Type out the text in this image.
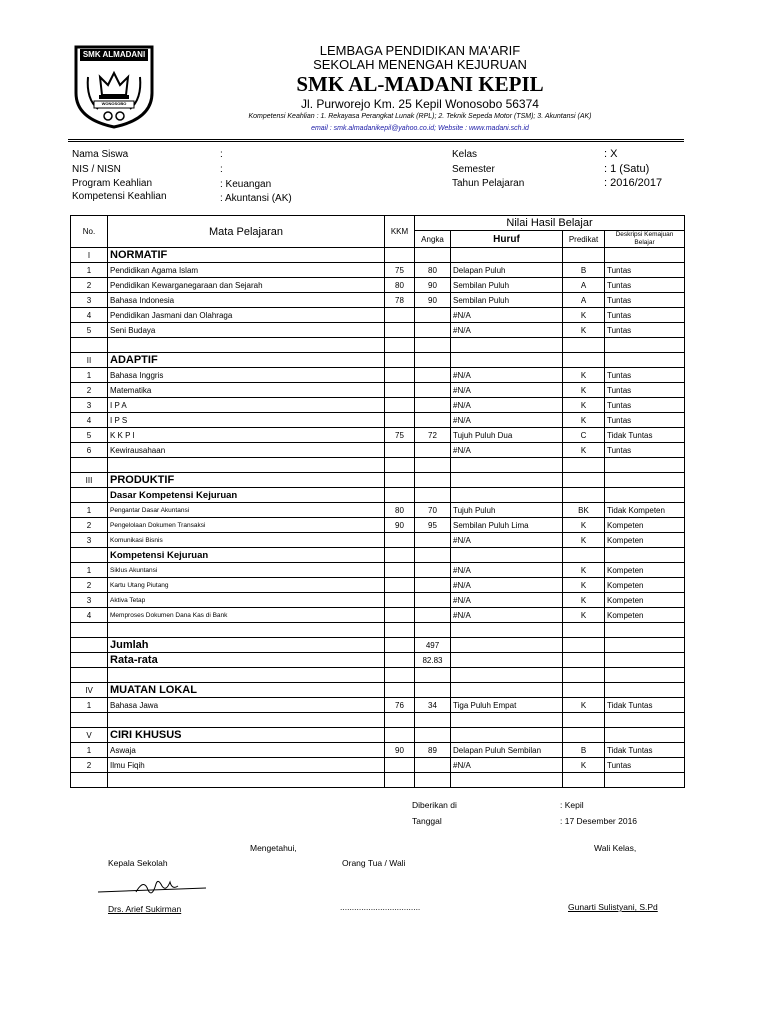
SMK ALMADANI
WONOSOBO
LEMBAGA PENDIDIKAN MA'ARIF
SEKOLAH MENENGAH KEJURUAN
SMK AL-MADANI KEPIL
Jl. Purworejo Km. 25 Kepil Wonosobo 56374
Kompetensi Keahlian : 1. Rekayasa Perangkat Lunak (RPL); 2. Teknik Sepeda Motor (TSM); 3. Akuntansi (AK)
email : smk.almadanikepil@yahoo.co.id; Website : www.madani.sch.id
Nama Siswa	:
NIS / NISN	:
Program Keahlian	: Keuangan
Kompetensi Keahlian	: Akuntansi (AK)
Kelas	: X
Semester	: 1 (Satu)
Tahun Pelajaran	: 2016/2017
No.	Mata Pelajaran	KKM	Nilai Hasil Belajar			
			Angka	Huruf	Predikat	Deskripsi Kemajuan Belajar
I	NORMATIF					
1	Pendidikan Agama Islam	75	80	Delapan Puluh	B	Tuntas
2	Pendidikan Kewarganegaraan dan Sejarah	80	90	Sembilan Puluh	A	Tuntas
3	Bahasa Indonesia	78	90	Sembilan Puluh	A	Tuntas
4	Pendidikan Jasmani dan Olahraga			#N/A	K	Tuntas
5	Seni Budaya			#N/A	K	Tuntas

II	ADAPTIF					
1	Bahasa Inggris			#N/A	K	Tuntas
2	Matematika			#N/A	K	Tuntas
3	I P A			#N/A	K	Tuntas
4	I P S			#N/A	K	Tuntas
5	K K P I	75	72	Tujuh Puluh Dua	C	Tidak Tuntas
6	Kewirausahaan			#N/A	K	Tuntas

III	PRODUKTIF					
	Dasar Kompetensi Kejuruan					
1	Pengantar Dasar Akuntansi	80	70	Tujuh Puluh	BK	Tidak Kompeten
2	Pengelolaan Dokumen Transaksi	90	95	Sembilan Puluh Lima	K	Kompeten
3	Komunikasi Bisnis			#N/A	K	Kompeten
	Kompetensi Kejuruan					
1	Siklus Akuntansi			#N/A	K	Kompeten
2	Kartu Utang Piutang			#N/A	K	Kompeten
3	Aktiva Tetap			#N/A	K	Kompeten
4	Memproses Dokumen Dana Kas di Bank			#N/A	K	Kompeten

	Jumlah		497			
	Rata-rata		82.83			

IV	MUATAN LOKAL					
1	Bahasa Jawa	76	34	Tiga Puluh Empat	K	Tidak Tuntas

V	CIRI KHUSUS					
1	Aswaja	90	89	Delapan Puluh Sembilan	B	Tidak Tuntas
2	Ilmu Fiqih			#N/A	K	Tuntas

Diberikan di	: Kepil
Tanggal	: 17 Desember 2016
Mengetahui,	Wali Kelas,
Kepala Sekolah	Orang Tua / Wali
Drs. Arief Sukirman	..................................	Gunarti Sulistyani, S.Pd
